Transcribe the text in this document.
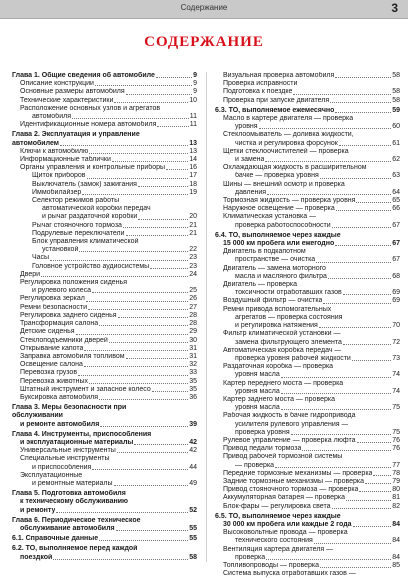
Содержание	3
СОДЕРЖАНИЕ
Глава 1. Общие сведения об автомобиле	9
Описание конструкции	9
Основные размеры автомобиля	9
Технические характеристики	10
Расположение основных узлов и агрегатов
автомобиля	11
Идентификационные номера автомобиля	11
Глава 2. Эксплуатация и управление
автомобилем	13
Ключи к автомобилю	13
Информационные таблички	14
Органы управления и контрольные приборы	16
Щиток приборов	17
Выключатель (замок) зажигания	18
Иммобилайзер	19
Селектор режимов работы
автоматической коробки передач
и рычаг раздаточной коробки	20
Рычаг стояночного тормоза	21
Подрулевые переключатели	21
Блок управления климатической
установкой	22
Часы	23
Головное устройство аудиосистемы	23
Двери	24
Регулировка положения сиденья
и рулевого колеса	25
Регулировка зеркал	26
Ремни безопасности	27
Регулировка заднего сиденья	28
Трансформация салона	28
Детские сиденья	29
Стеклоподъемники дверей	30
Открывание капота	31
Заправка автомобиля топливом	31
Освещение салона	32
Перевозка грузов	33
Перевозка животных	35
Штатный инструмент и запасное колесо	35
Буксировка автомобиля	36
Глава 3. Меры безопасности при
обслуживании
и ремонте автомобиля	39
Глава 4. Инструменты, приспособления
и эксплуатационные материалы	42
Универсальные инструменты	42
Специальные инструменты
и приспособления	44
Эксплуатационные
и ремонтные материалы	49
Глава 5. Подготовка автомобиля
к техническому обслуживанию
и ремонту	52
Глава 6. Периодическое техническое
обслуживание автомобиля	55
6.1. Справочные данные	55
6.2. ТО, выполняемое перед каждой
поездкой	58
Визуальная проверка автомобиля	58
Проверка исправности
Подготовка к поездке	58
Проверка при запуске двигателя	58
6.3. ТО, выполняемое ежемесячно	59
Масло в картере двигателя — проверка
уровня	60
Стеклоомыватель — доливка жидкости,
чистка и регулировка форсунок	61
Щетки стеклоочистителей — проверка
и замена	62
Охлаждающая жидкость в расширительном
бачке — проверка уровня	63
Шины — внешний осмотр и проверка
давления	64
Тормозная жидкость — проверка уровня	65
Наружное освещение — проверка	66
Климатическая установка —
проверка работоспособности	67
6.4. ТО, выполняемое через каждые
15 000 км пробега или ежегодно	67
Двигатель в подкапотном
пространстве — очистка	67
Двигатель — замена моторного
масла и масляного фильтра	68
Двигатель — проверка
токсичности отработавших газов	69
Воздушный фильтр — очистка	69
Ремни привода вспомогательных
агрегатов — проверка состояния
и регулировка натяжения	70
Фильтр климатической установки —
замена фильтрующего элемента	72
Автоматическая коробка передач —
проверка уровня рабочей жидкости	73
Раздаточная коробка — проверка
уровня масла	74
Картер переднего моста — проверка
уровня масла	74
Картер заднего моста — проверка
уровня масла	75
Рабочая жидкость в бачке гидропривода
усилителя рулевого управления —
проверка уровня	75
Рулевое управление — проверка люфта	76
Привод педали тормоза	76
Привод рабочей тормозной системы
— проверка	77
Передние тормозные механизмы — проверка	78
Задние тормозные механизмы — проверка	79
Привод стояночного тормоза — проверка	80
Аккумуляторная батарея — проверка	81
Блок-фары — регулировка света	82
6.5. ТО, выполняемое через каждые
30 000 км пробега или каждые 2 года	84
Высоковольтные провода — проверка
технического состояния	84
Вентиляция картера двигателя —
проверка	84
Топливопроводы — проверка	85
Система выпуска отработавших газов —
